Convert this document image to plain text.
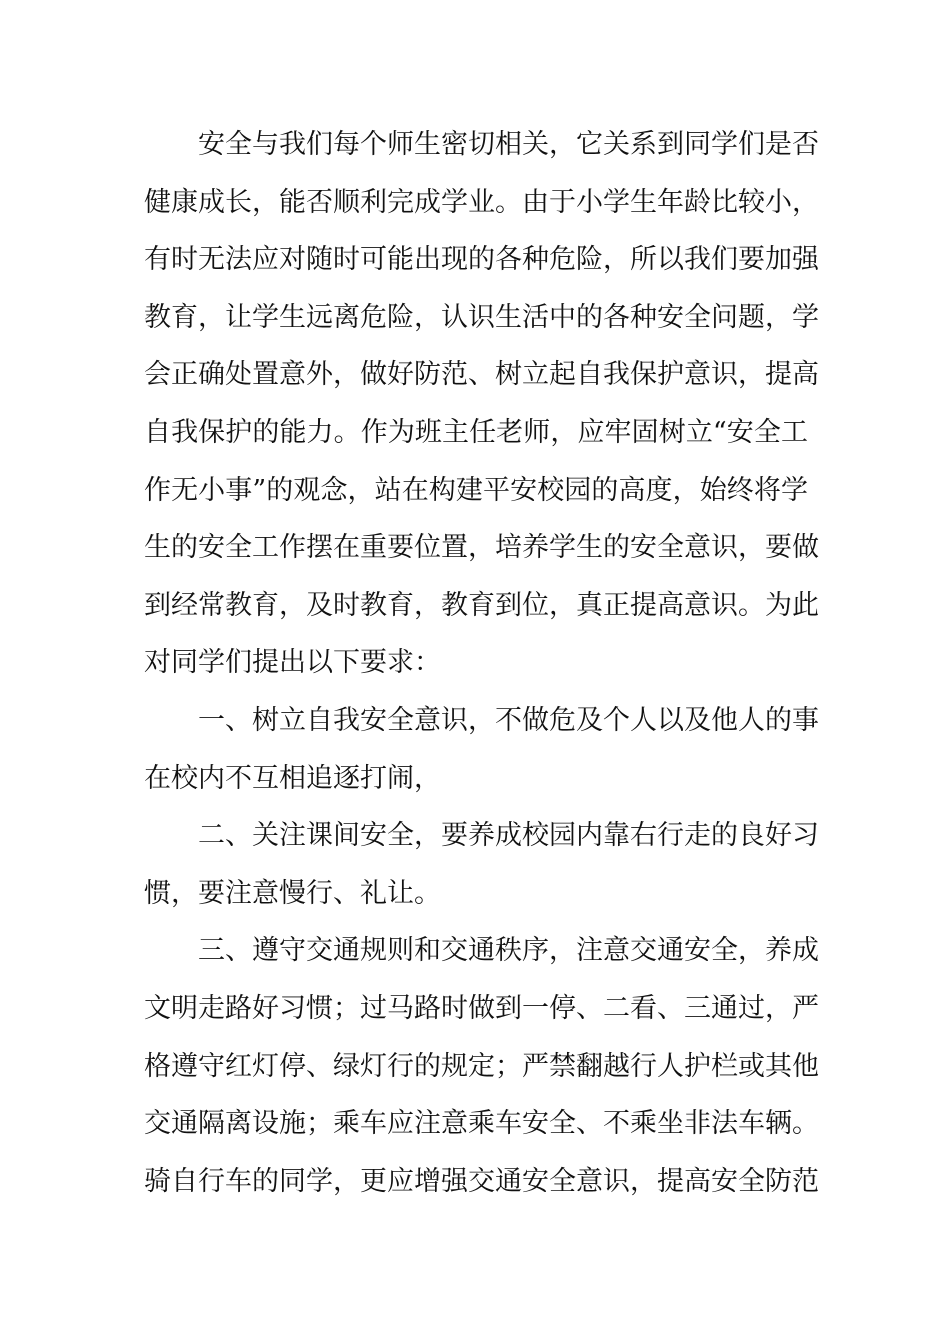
安全与我们每个师生密切相关，它关系到同学们是否
健康成长，能否顺利完成学业。由于小学生年龄比较小，
有时无法应对随时可能出现的各种危险，所以我们要加强
教育，让学生远离危险，认识生活中的各种安全问题，学
会正确处置意外，做好防范、树立起自我保护意识，提高
自我保护的能力。作为班主任老师，应牢固树立“安全工
作无小事”的观念，站在构建平安校园的高度，始终将学
生的安全工作摆在重要位置，培养学生的安全意识，要做
到经常教育，及时教育，教育到位，真正提高意识。为此
对同学们提出以下要求：
一、树立自我安全意识，不做危及个人以及他人的事
在校内不互相追逐打闹，
二、关注课间安全，要养成校园内靠右行走的良好习
惯，要注意慢行、礼让。
三、遵守交通规则和交通秩序，注意交通安全，养成
文明走路好习惯；过马路时做到一停、二看、三通过，严
格遵守红灯停、绿灯行的规定；严禁翻越行人护栏或其他
交通隔离设施；乘车应注意乘车安全、不乘坐非法车辆。
骑自行车的同学，更应增强交通安全意识，提高安全防范
